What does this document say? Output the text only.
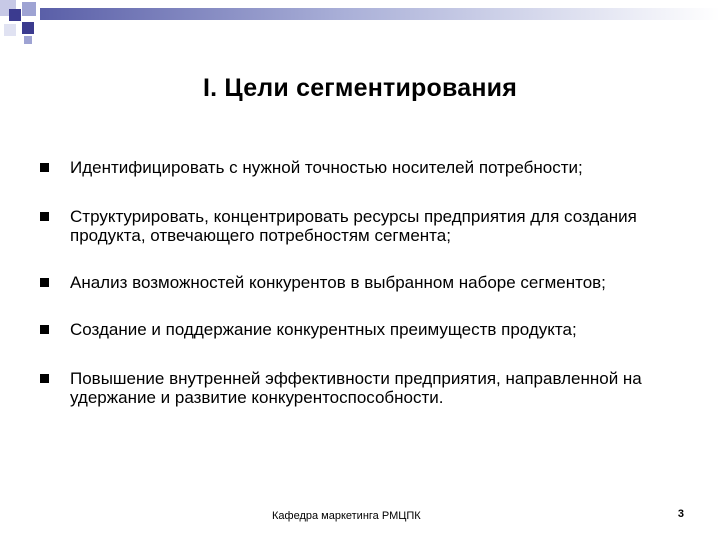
I. Цели сегментирования
Идентифицировать с нужной точностью носителей потребности;
Структурировать, концентрировать ресурсы предприятия для создания продукта, отвечающего потребностям сегмента;
Анализ возможностей конкурентов в выбранном наборе сегментов;
Создание и поддержание конкурентных преимуществ продукта;
Повышение внутренней эффективности предприятия, направленной на удержание и развитие конкурентоспособности.
Кафедра маркетинга РМЦПК	3
